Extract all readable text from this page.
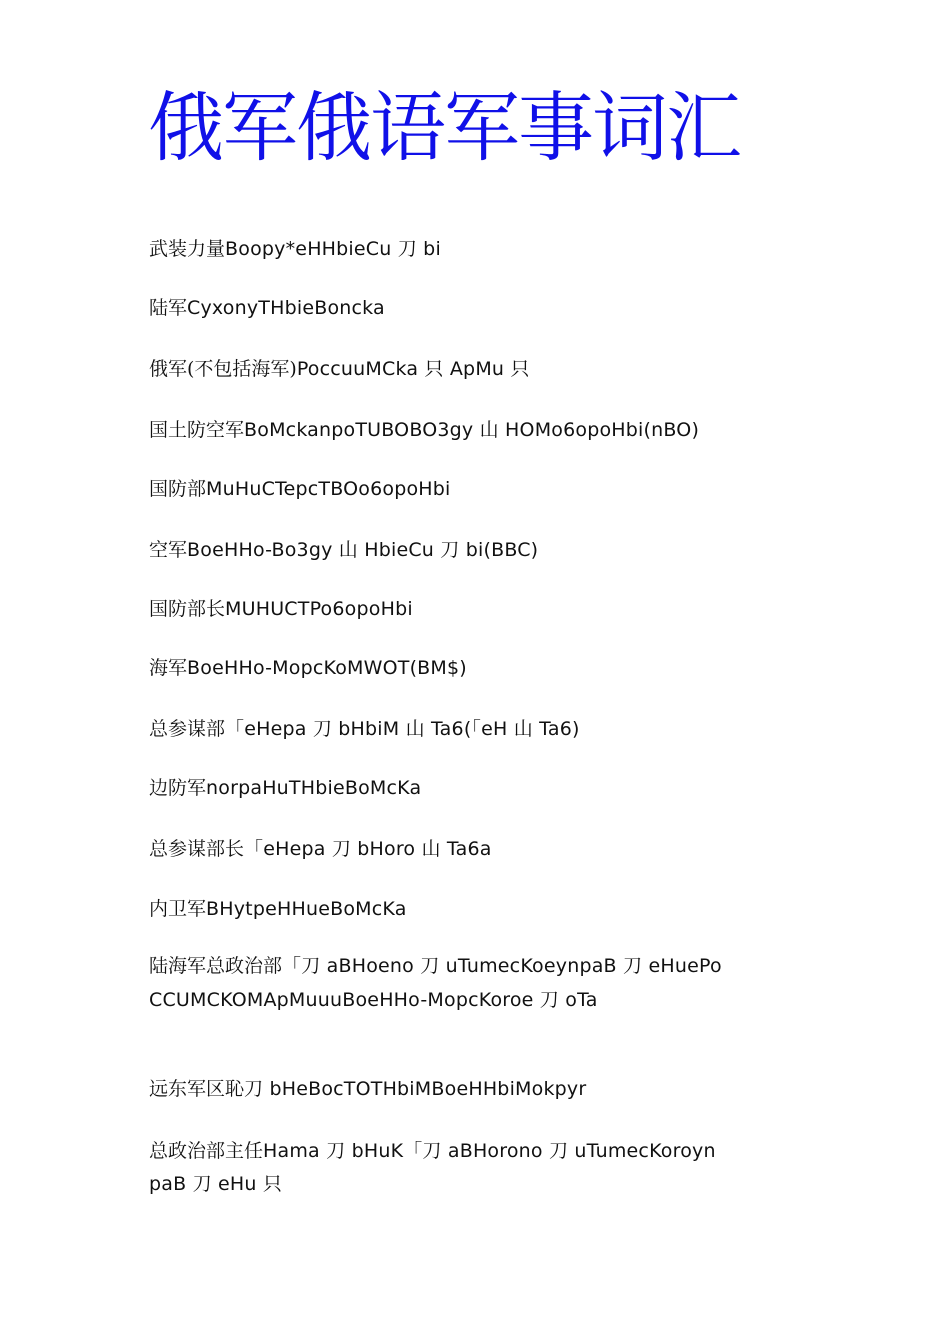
俄军俄语军事词汇
武装力量Boopy*eHHbieCu 刀 bi
陆军CyxonyTHbieBoncka
俄军(不包括海军)PoccuuMCka 只 ApMu 只
国土防空军BoMckanpoTUBOBO3gy 山 HOMo6opoHbi(nBO)
国防部MuHuCTepcTBOo6opoHbi
空军BoeHHo-Bo3gy 山 HbieCu 刀 bi(BBC)
国防部长MUHUCTPo6opoHbi
海军BoeHHo-MopcKoMWOT(BM$)
总参谋部「eHepa 刀 bHbiM 山 Ta6(「eH 山 Ta6)
边防军norpaHuTHbieBoMcKa
总参谋部长「eHepa 刀 bHoro 山 Ta6a
内卫军BHytpeHHueBoMcKa
陆海军总政治部「刀 aBHoeno 刀 uTumecKoeynpaB 刀 eHuePo
CCUMCKOMApMuuuBoeHHo-MopcKoroe 刀 oTa
远东军区恥刀 bHeBocTOTHbiMBoeHHbiMokpyr
总政治部主任Hama 刀 bHuK「刀 aBHorono 刀 uTumecKoroyn
paB 刀 eHu 只
